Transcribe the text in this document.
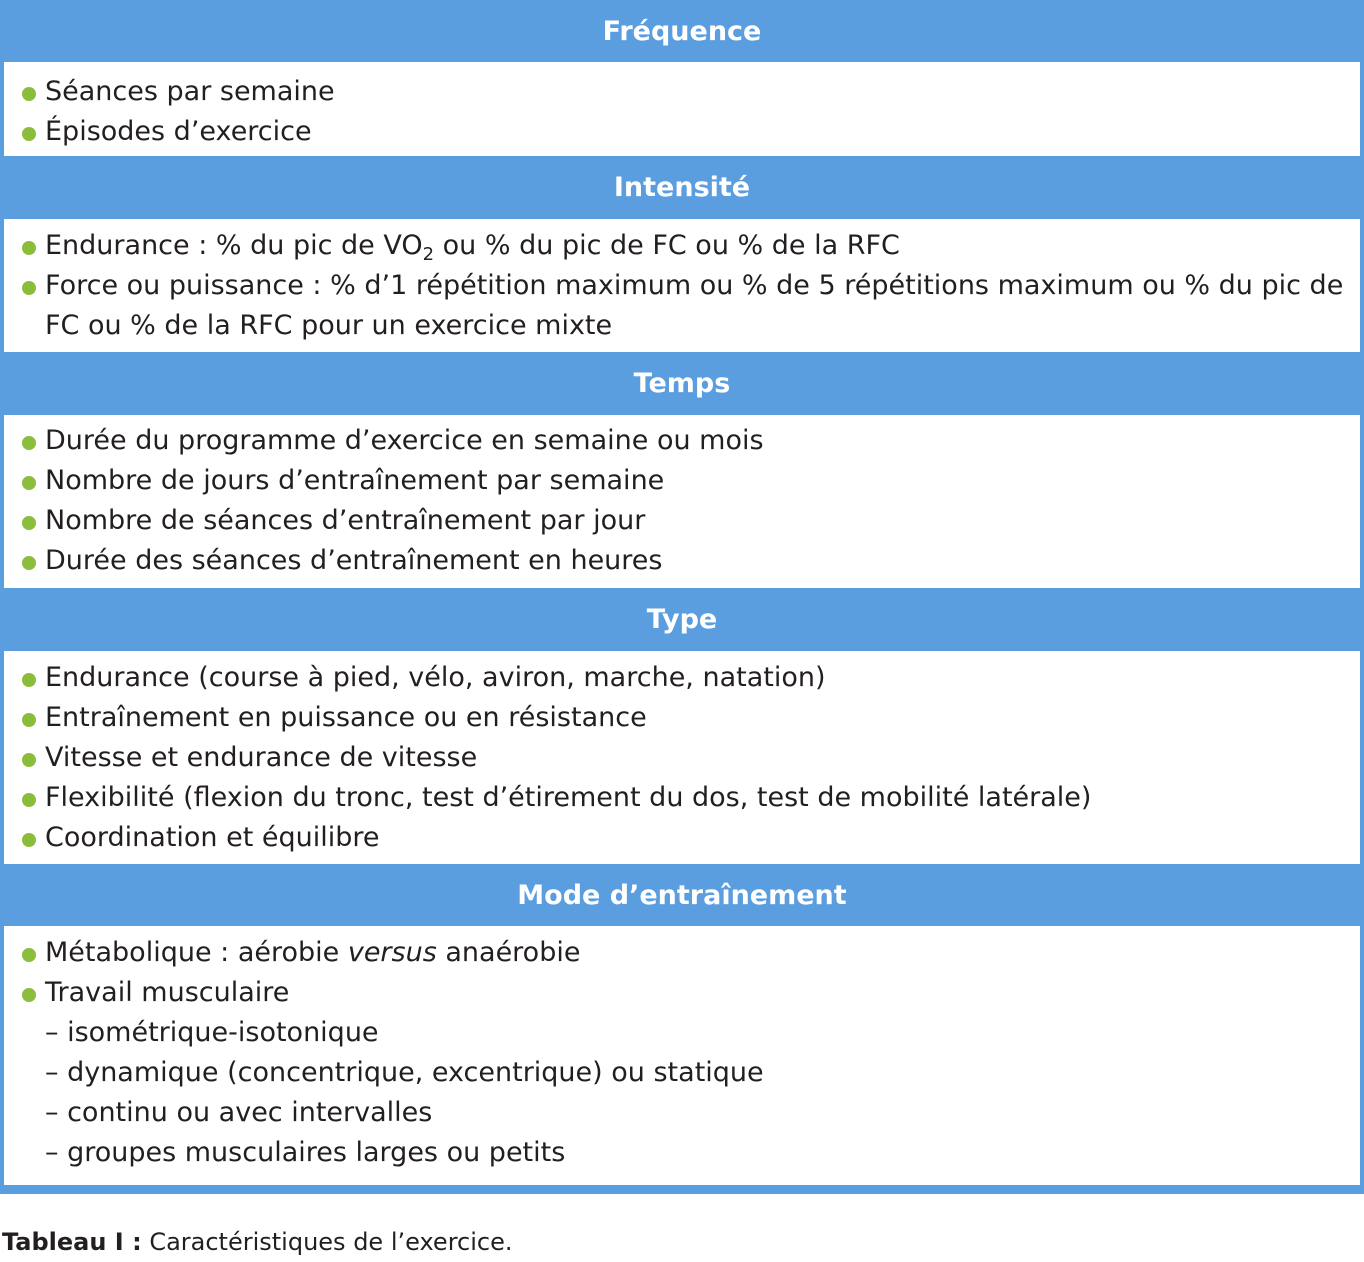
Fréquence
Séances par semaine
Épisodes d’exercice
Intensité
Endurance : % du pic de $VO_2$ ou % du pic de FC ou % de la RFC
Force ou puissance : % d’1 répétition maximum ou % de 5 répétitions maximum ou % du pic de FC ou % de la RFC pour un exercice mixte
Temps
Durée du programme d’exercice en semaine ou mois
Nombre de jours d’entraînement par semaine
Nombre de séances d’entraînement par jour
Durée des séances d’entraînement en heures
Type
Endurance (course à pied, vélo, aviron, marche, natation)
Entraînement en puissance ou en résistance
Vitesse et endurance de vitesse
Flexibilité (flexion du tronc, test d’étirement du dos, test de mobilité latérale)
Coordination et équilibre
Mode d’entraînement
Métabolique : aérobie versus anaérobie
Travail musculaire
– isométrique-isotonique
– dynamique (concentrique, excentrique) ou statique
– continu ou avec intervalles
– groupes musculaires larges ou petits
Tableau I : Caractéristiques de l’exercice.
